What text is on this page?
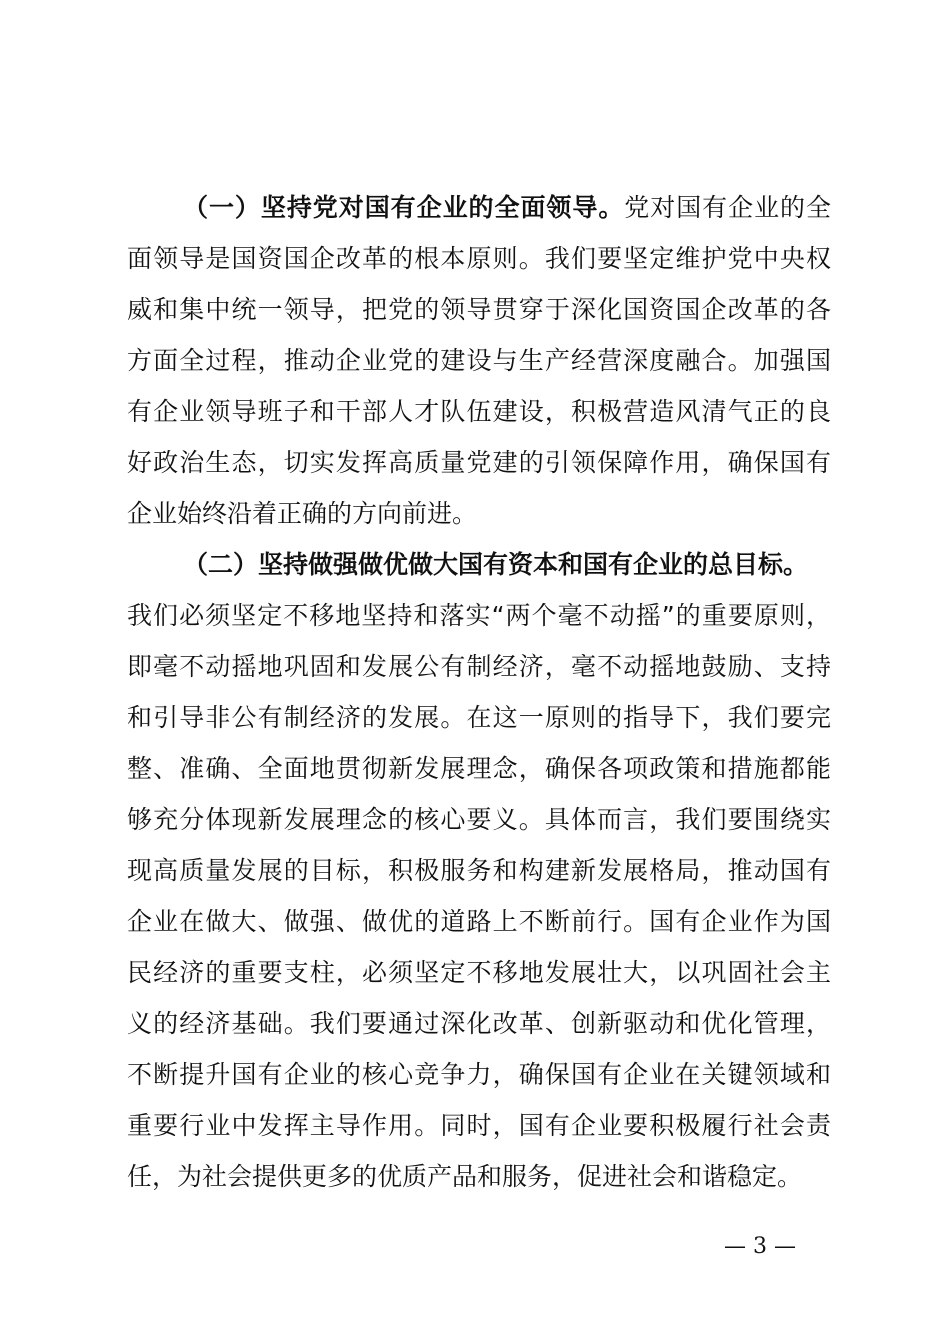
（一）坚持党对国有企业的全面领导。党对国有企业的全
面领导是国资国企改革的根本原则。我们要坚定维护党中央权
威和集中统一领导，把党的领导贯穿于深化国资国企改革的各
方面全过程，推动企业党的建设与生产经营深度融合。加强国
有企业领导班子和干部人才队伍建设，积极营造风清气正的良
好政治生态，切实发挥高质量党建的引领保障作用，确保国有
企业始终沿着正确的方向前进。
（二）坚持做强做优做大国有资本和国有企业的总目标。
我们必须坚定不移地坚持和落实“两个毫不动摇”的重要原则，
即毫不动摇地巩固和发展公有制经济，毫不动摇地鼓励、支持
和引导非公有制经济的发展。在这一原则的指导下，我们要完
整、准确、全面地贯彻新发展理念，确保各项政策和措施都能
够充分体现新发展理念的核心要义。具体而言，我们要围绕实
现高质量发展的目标，积极服务和构建新发展格局，推动国有
企业在做大、做强、做优的道路上不断前行。国有企业作为国
民经济的重要支柱，必须坚定不移地发展壮大，以巩固社会主
义的经济基础。我们要通过深化改革、创新驱动和优化管理，
不断提升国有企业的核心竞争力，确保国有企业在关键领域和
重要行业中发挥主导作用。同时，国有企业要积极履行社会责
任，为社会提供更多的优质产品和服务，促进社会和谐稳定。
— 3 —
